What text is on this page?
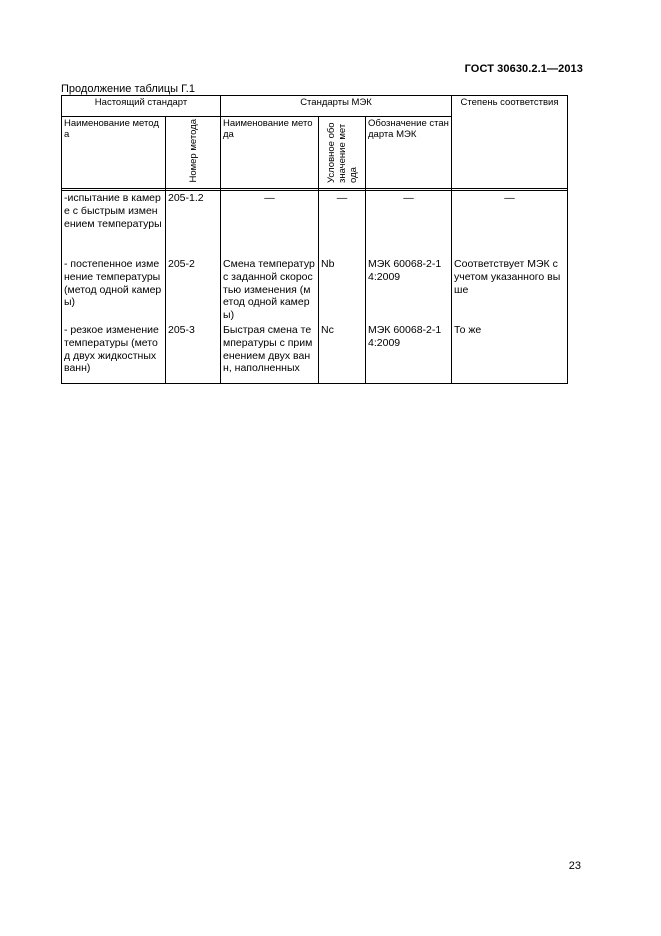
ГОСТ 30630.2.1—2013
Продолжение таблицы Г.1
Настоящий стандарт		Стандарты МЭК			Степень соответствия
Наименование метода	Номер метода	Наименование метода	Условное обозначение метода	Обозначение стандарта МЭК	

-испытание в камере с быстрым изменением температуры	205-1.2	—	—	—	—
- постепенное изменение температуры(метод одной камеры)	205-2	Смена температур с заданной скоростью изменения (метод одной камеры)	Nb	МЭК 60068-2-14:2009	Соответствует МЭК с учетом указанного выше
- резкое изменение температуры (метод двух жидкостных ванн)	205-3	Быстрая смена температуры с применением двух ванн, наполненных	Nc	МЭК 60068-2-14:2009	То же
23
